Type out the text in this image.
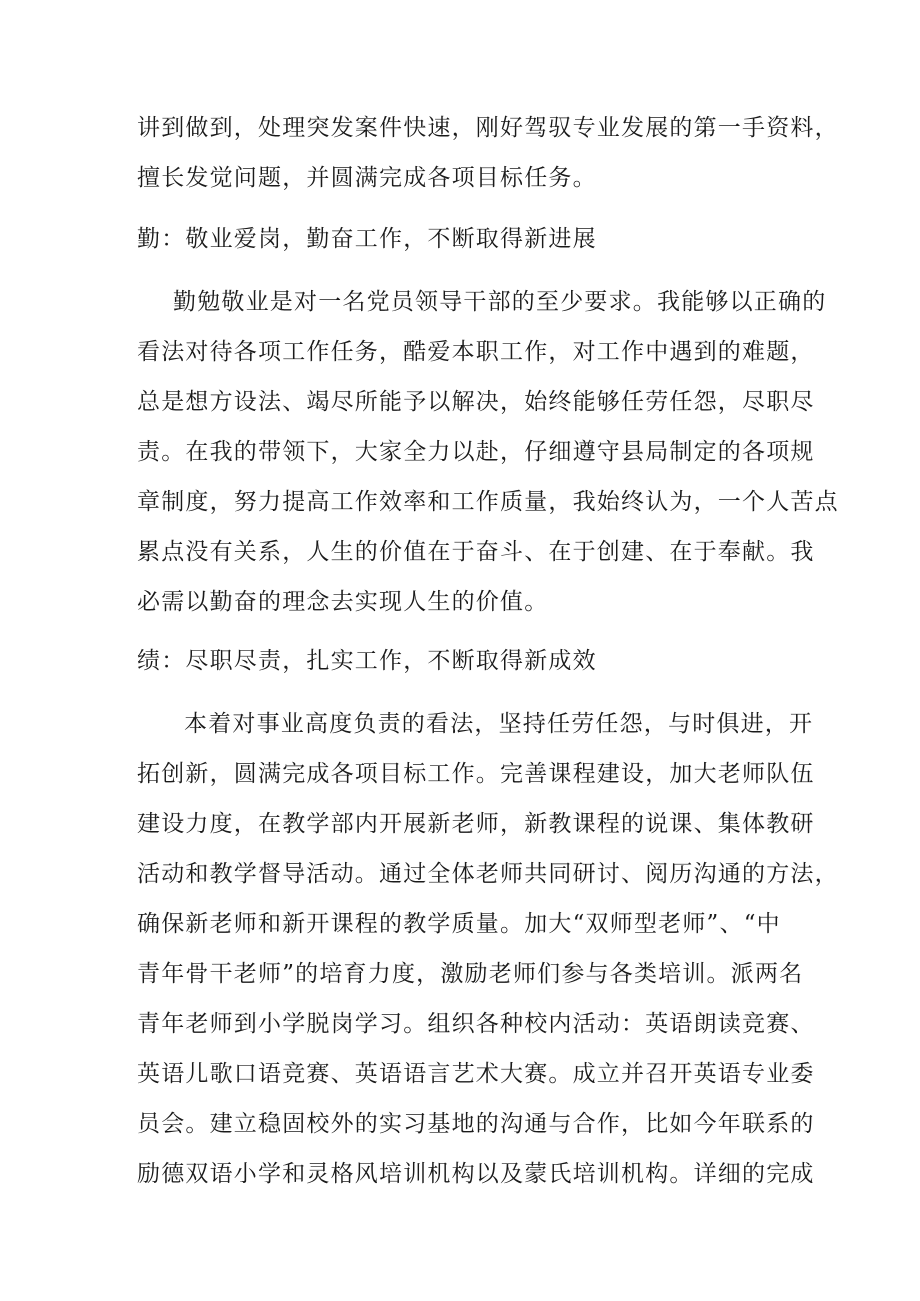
讲到做到，处理突发案件快速，刚好驾驭专业发展的第一手资料，
擅长发觉问题，并圆满完成各项目标任务。
勤：敬业爱岗，勤奋工作，不断取得新进展
勤勉敬业是对一名党员领导干部的至少要求。我能够以正确的
看法对待各项工作任务，酷爱本职工作，对工作中遇到的难题，
总是想方设法、竭尽所能予以解决，始终能够任劳任怨，尽职尽
责。在我的带领下，大家全力以赴，仔细遵守县局制定的各项规
章制度，努力提高工作效率和工作质量，我始终认为，一个人苦点
累点没有关系，人生的价值在于奋斗、在于创建、在于奉献。我
必需以勤奋的理念去实现人生的价值。
绩：尽职尽责，扎实工作，不断取得新成效
本着对事业高度负责的看法，坚持任劳任怨，与时俱进，开
拓创新，圆满完成各项目标工作。完善课程建设，加大老师队伍
建设力度，在教学部内开展新老师，新教课程的说课、集体教研
活动和教学督导活动。通过全体老师共同研讨、阅历沟通的方法，
确保新老师和新开课程的教学质量。加大“双师型老师”、“中
青年骨干老师”的培育力度，激励老师们参与各类培训。派两名
青年老师到小学脱岗学习。组织各种校内活动：英语朗读竞赛、
英语儿歌口语竞赛、英语语言艺术大赛。成立并召开英语专业委
员会。建立稳固校外的实习基地的沟通与合作，比如今年联系的
励德双语小学和灵格风培训机构以及蒙氏培训机构。详细的完成
